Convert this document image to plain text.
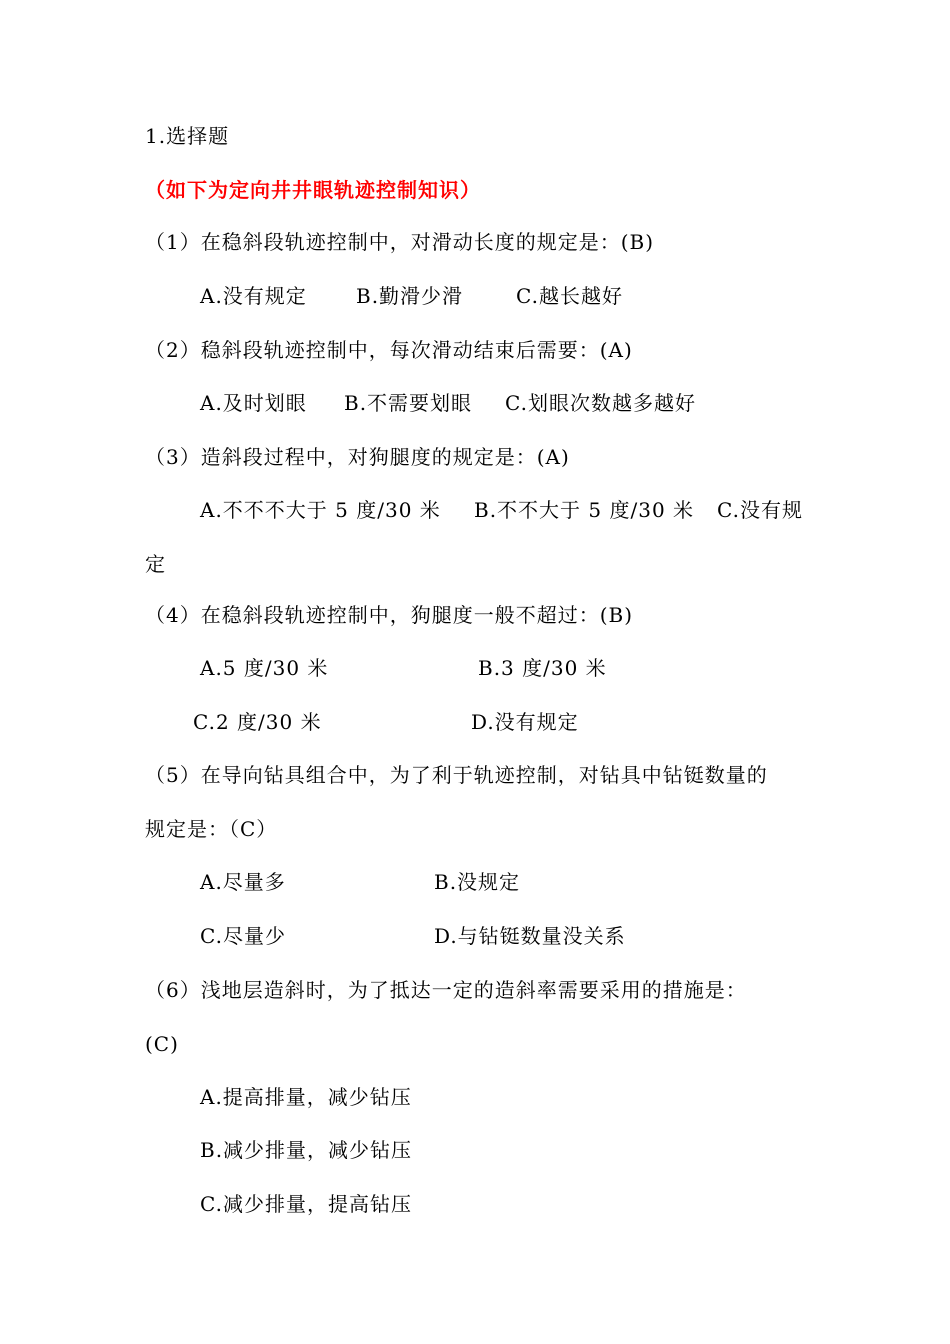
1.选择题
（如下为定向井井眼轨迹控制知识）
（1）在稳斜段轨迹控制中，对滑动长度的规定是：(B)
A.没有规定 B.勤滑少滑	C.越长越好
（2）稳斜段轨迹控制中，每次滑动结束后需要：(A)
A.及时划眼 B.不需要划眼 C.划眼次数越多越好
（3）造斜段过程中，对狗腿度的规定是：(A)
A.不不不大于 5 度/30 米 B.不不大于 5 度/30 米 C.没有规
定
（4）在稳斜段轨迹控制中，狗腿度一般不超过：(B)
A.5 度/30 米	B.3 度/30 米
C.2 度/30 米	D.没有规定
（5）在导向钻具组合中，为了利于轨迹控制，对钻具中钻铤数量的
规定是：（C）
A.尽量多	B.没规定
C.尽量少	D.与钻铤数量没关系
（6）浅地层造斜时，为了抵达一定的造斜率需要采用的措施是：
(C)
A.提高排量，减少钻压
B.减少排量，减少钻压
C.减少排量，提高钻压
